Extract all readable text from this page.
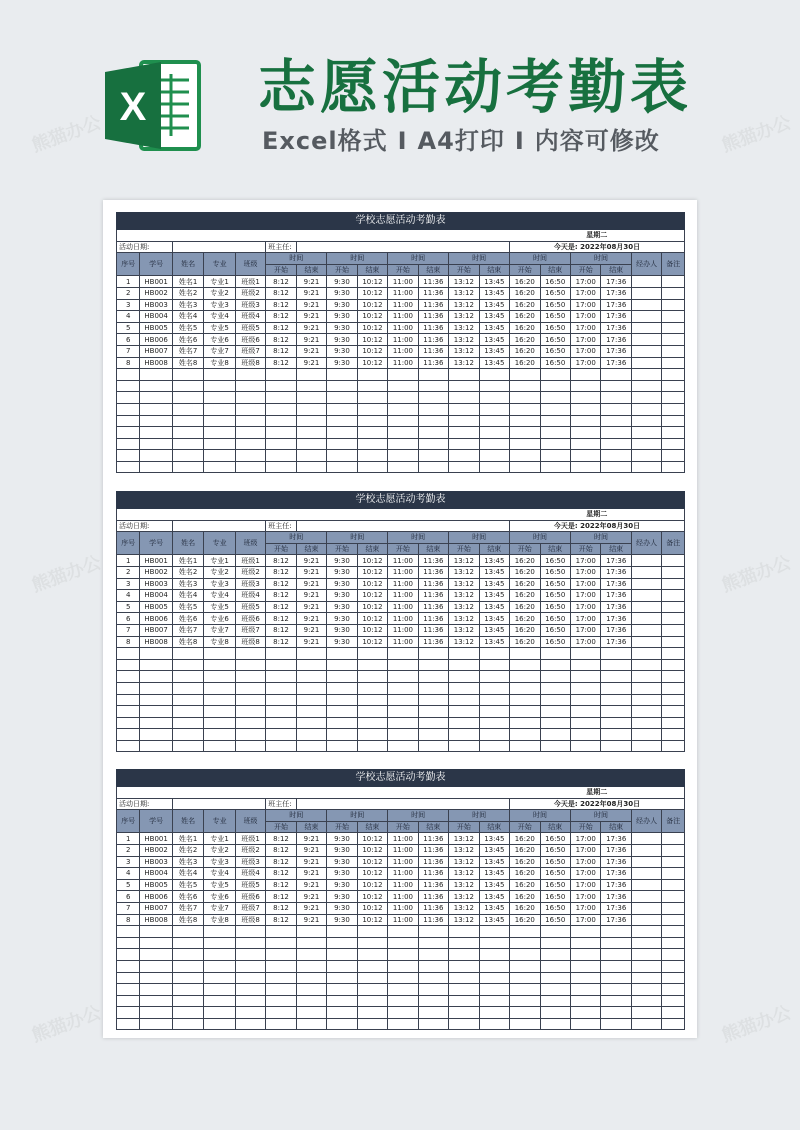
X 志愿活动考勤表
Excel格式 I A4打印 I 内容可修改
学校志愿活动考勤表																		
													星期二					
活动日期:					班主任:								今天是: 2022年08月30日					
序号	学号	姓名	专业	班级	时间		时间		时间		时间		时间		时间		经办人	备注
					开始	结束	开始	结束	开始	结束	开始	结束	开始	结束	开始	结束		
1	HB001	姓名1	专业1	班级1	8:12	9:21	9:30	10:12	11:00	11:36	13:12	13:45	16:20	16:50	17:00	17:36		
2	HB002	姓名2	专业2	班级2	8:12	9:21	9:30	10:12	11:00	11:36	13:12	13:45	16:20	16:50	17:00	17:36		
3	HB003	姓名3	专业3	班级3	8:12	9:21	9:30	10:12	11:00	11:36	13:12	13:45	16:20	16:50	17:00	17:36		
4	HB004	姓名4	专业4	班级4	8:12	9:21	9:30	10:12	11:00	11:36	13:12	13:45	16:20	16:50	17:00	17:36		
5	HB005	姓名5	专业5	班级5	8:12	9:21	9:30	10:12	11:00	11:36	13:12	13:45	16:20	16:50	17:00	17:36		
6	HB006	姓名6	专业6	班级6	8:12	9:21	9:30	10:12	11:00	11:36	13:12	13:45	16:20	16:50	17:00	17:36		
7	HB007	姓名7	专业7	班级7	8:12	9:21	9:30	10:12	11:00	11:36	13:12	13:45	16:20	16:50	17:00	17:36		
8	HB008	姓名8	专业8	班级8	8:12	9:21	9:30	10:12	11:00	11:36	13:12	13:45	16:20	16:50	17:00	17:36		

学校志愿活动考勤表																		
													星期二					
活动日期:					班主任:								今天是: 2022年08月30日					
序号	学号	姓名	专业	班级	时间		时间		时间		时间		时间		时间		经办人	备注
					开始	结束	开始	结束	开始	结束	开始	结束	开始	结束	开始	结束		
1	HB001	姓名1	专业1	班级1	8:12	9:21	9:30	10:12	11:00	11:36	13:12	13:45	16:20	16:50	17:00	17:36		
2	HB002	姓名2	专业2	班级2	8:12	9:21	9:30	10:12	11:00	11:36	13:12	13:45	16:20	16:50	17:00	17:36		
3	HB003	姓名3	专业3	班级3	8:12	9:21	9:30	10:12	11:00	11:36	13:12	13:45	16:20	16:50	17:00	17:36		
4	HB004	姓名4	专业4	班级4	8:12	9:21	9:30	10:12	11:00	11:36	13:12	13:45	16:20	16:50	17:00	17:36		
5	HB005	姓名5	专业5	班级5	8:12	9:21	9:30	10:12	11:00	11:36	13:12	13:45	16:20	16:50	17:00	17:36		
6	HB006	姓名6	专业6	班级6	8:12	9:21	9:30	10:12	11:00	11:36	13:12	13:45	16:20	16:50	17:00	17:36		
7	HB007	姓名7	专业7	班级7	8:12	9:21	9:30	10:12	11:00	11:36	13:12	13:45	16:20	16:50	17:00	17:36		
8	HB008	姓名8	专业8	班级8	8:12	9:21	9:30	10:12	11:00	11:36	13:12	13:45	16:20	16:50	17:00	17:36		

学校志愿活动考勤表																		
													星期二					
活动日期:					班主任:								今天是: 2022年08月30日					
序号	学号	姓名	专业	班级	时间		时间		时间		时间		时间		时间		经办人	备注
					开始	结束	开始	结束	开始	结束	开始	结束	开始	结束	开始	结束		
1	HB001	姓名1	专业1	班级1	8:12	9:21	9:30	10:12	11:00	11:36	13:12	13:45	16:20	16:50	17:00	17:36		
2	HB002	姓名2	专业2	班级2	8:12	9:21	9:30	10:12	11:00	11:36	13:12	13:45	16:20	16:50	17:00	17:36		
3	HB003	姓名3	专业3	班级3	8:12	9:21	9:30	10:12	11:00	11:36	13:12	13:45	16:20	16:50	17:00	17:36		
4	HB004	姓名4	专业4	班级4	8:12	9:21	9:30	10:12	11:00	11:36	13:12	13:45	16:20	16:50	17:00	17:36		
5	HB005	姓名5	专业5	班级5	8:12	9:21	9:30	10:12	11:00	11:36	13:12	13:45	16:20	16:50	17:00	17:36		
6	HB006	姓名6	专业6	班级6	8:12	9:21	9:30	10:12	11:00	11:36	13:12	13:45	16:20	16:50	17:00	17:36		
7	HB007	姓名7	专业7	班级7	8:12	9:21	9:30	10:12	11:00	11:36	13:12	13:45	16:20	16:50	17:00	17:36		
8	HB008	姓名8	专业8	班级8	8:12	9:21	9:30	10:12	11:00	11:36	13:12	13:45	16:20	16:50	17:00	17:36		

熊猫办公	熊猫办公
熊猫办公	熊猫办公
熊猫办公	熊猫办公
